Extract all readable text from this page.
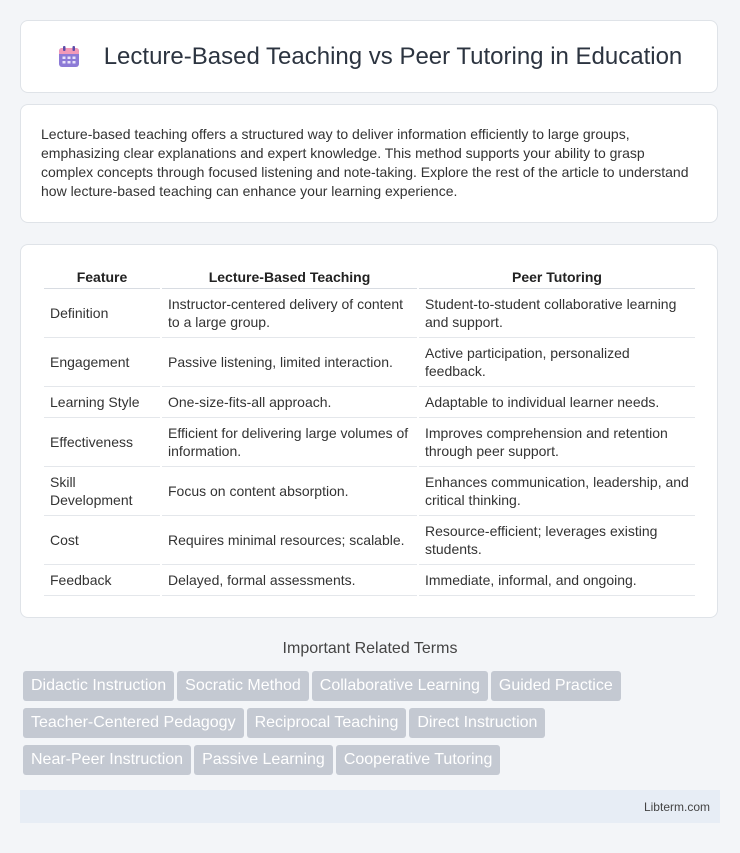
Lecture-Based Teaching vs Peer Tutoring in Education

Lecture-based teaching offers a structured way to deliver information efficiently to large groups, emphasizing clear explanations and expert knowledge. This method supports your ability to grasp complex concepts through focused listening and note-taking. Explore the rest of the article to understand how lecture-based teaching can enhance your learning experience.

Feature	Lecture-Based Teaching	Peer Tutoring
Definition	Instructor-centered delivery of content to a large group.	Student-to-student collaborative learning and support.
Engagement	Passive listening, limited interaction.	Active participation, personalized feedback.
Learning Style	One-size-fits-all approach.	Adaptable to individual learner needs.
Effectiveness	Efficient for delivering large volumes of information.	Improves comprehension and retention through peer support.
Skill Development	Focus on content absorption.	Enhances communication, leadership, and critical thinking.
Cost	Requires minimal resources; scalable.	Resource-efficient; leverages existing students.
Feedback	Delayed, formal assessments.	Immediate, informal, and ongoing.
Important Related Terms
Didactic Instruction Socratic Method Collaborative Learning Guided Practice
Teacher-Centered Pedagogy Reciprocal Teaching Direct Instruction
Near-Peer Instruction Passive Learning Cooperative Tutoring
Libterm.com
